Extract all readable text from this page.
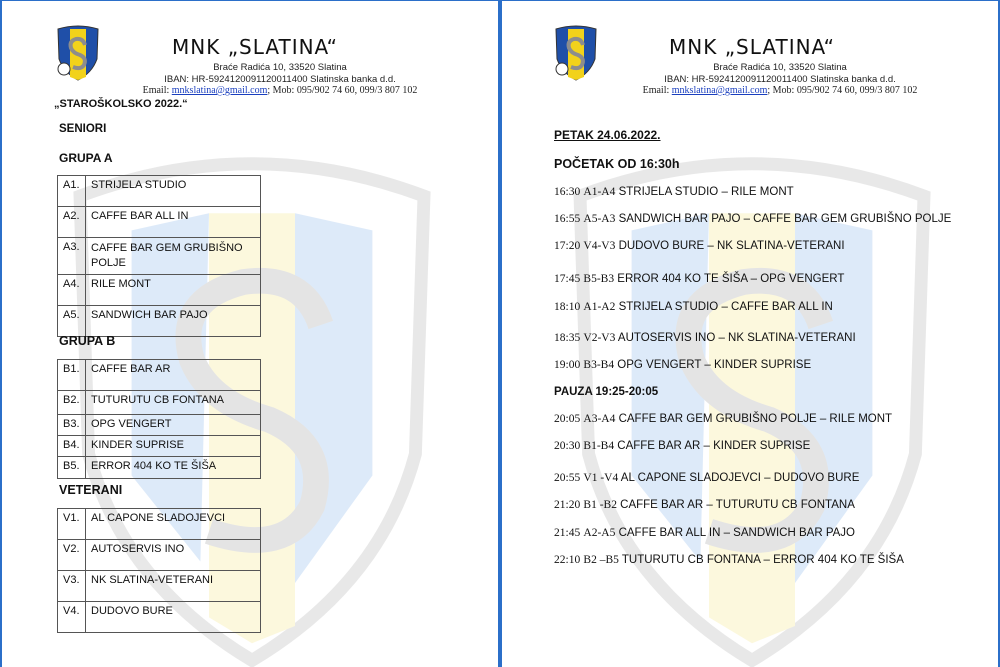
MNK „SLATINA“
Braće Radića 10, 33520 Slatina
IBAN: HR-5924120091120011400 Slatinska banka d.d.
Email: mnkslatina@gmail.com; Mob: 095/902 74 60, 099/3 807 102
„STAROŠKOLSKO 2022.“
SENIORI
GRUPA A
A1.	STRIJELA STUDIO
A2.	CAFFE BAR ALL IN
A3.	CAFFE BAR GEM GRUBIŠNO POLJE
A4.	RILE MONT
A5.	SANDWICH BAR PAJO
GRUPA B
B1.	CAFFE BAR AR
B2.	TUTURUTU CB FONTANA
B3.	OPG VENGERT
B4.	KINDER SUPRISE
B5.	ERROR 404 KO TE ŠIŠA
VETERANI
V1.	AL CAPONE SLADOJEVCI
V2.	AUTOSERVIS INO
V3.	NK SLATINA-VETERANI
V4.	DUDOVO BURE
MNK „SLATINA“
Braće Radića 10, 33520 Slatina
IBAN: HR-5924120091120011400 Slatinska banka d.d.
Email: mnkslatina@gmail.com; Mob: 095/902 74 60, 099/3 807 102
PETAK 24.06.2022.
POČETAK OD 16:30h
16:30 A1-A4 STRIJELA STUDIO – RILE MONT
16:55 A5-A3 SANDWICH BAR PAJO – CAFFE BAR GEM GRUBIŠNO POLJE
17:20 V4-V3 DUDOVO BURE – NK SLATINA-VETERANI
17:45 B5-B3 ERROR 404 KO TE ŠIŠA – OPG VENGERT
18:10 A1-A2 STRIJELA STUDIO – CAFFE BAR ALL IN
18:35 V2-V3 AUTOSERVIS INO – NK SLATINA-VETERANI
19:00 B3-B4 OPG VENGERT – KINDER SUPRISE
PAUZA 19:25-20:05
20:05 A3-A4 CAFFE BAR GEM GRUBIŠNO POLJE – RILE MONT
20:30 B1-B4 CAFFE BAR AR – KINDER SUPRISE
20:55 V1 -V4 AL CAPONE SLADOJEVCI – DUDOVO BURE
21:20 B1 -B2 CAFFE BAR AR – TUTURUTU CB FONTANA
21:45 A2-A5 CAFFE BAR ALL IN – SANDWICH BAR PAJO
22:10 B2 –B5 TUTURUTU CB FONTANA – ERROR 404 KO TE ŠIŠA
